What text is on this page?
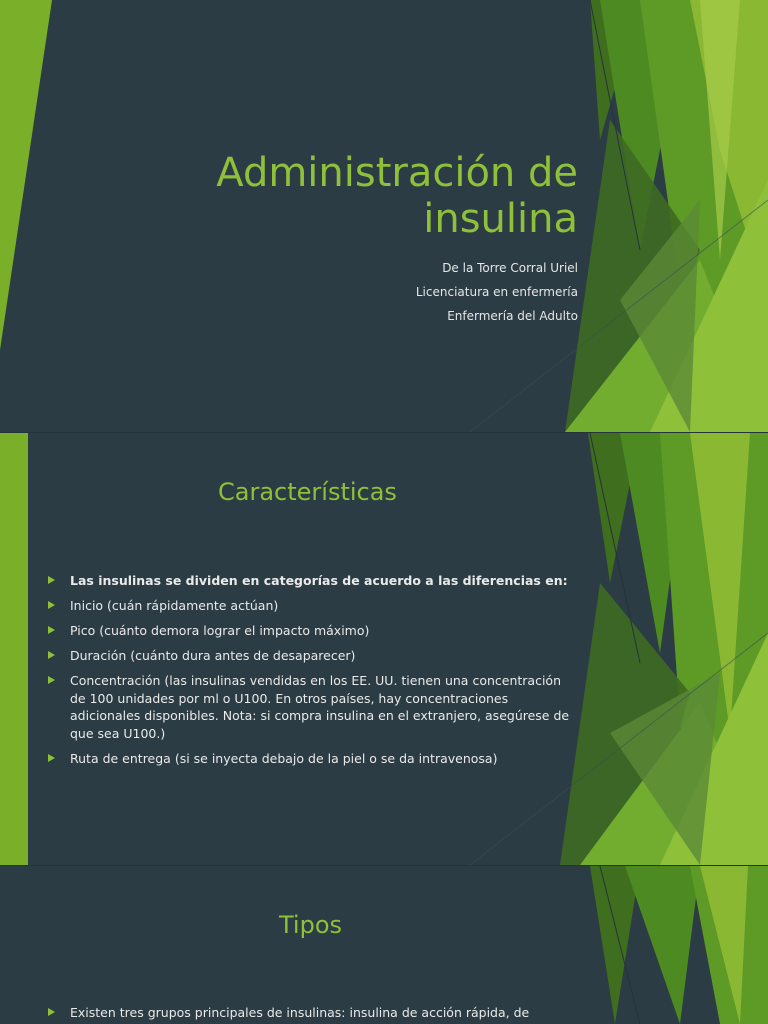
Administración de
insulina
De la Torre Corral Uriel
Licenciatura en enfermería
Enfermería del Adulto
Características
Las insulinas se dividen en categorías de acuerdo a las diferencias en:
Inicio (cuán rápidamente actúan)
Pico (cuánto demora lograr el impacto máximo)
Duración (cuánto dura antes de desaparecer)
Concentración (las insulinas vendidas en los EE. UU. tienen una concentración de 100 unidades por ml o U100. En otros países, hay concentraciones adicionales disponibles. Nota: si compra insulina en el extranjero, asegúrese de que sea U100.)
Ruta de entrega (si se inyecta debajo de la piel o se da intravenosa)
Tipos
Existen tres grupos principales de insulinas: insulina de acción rápida, de
